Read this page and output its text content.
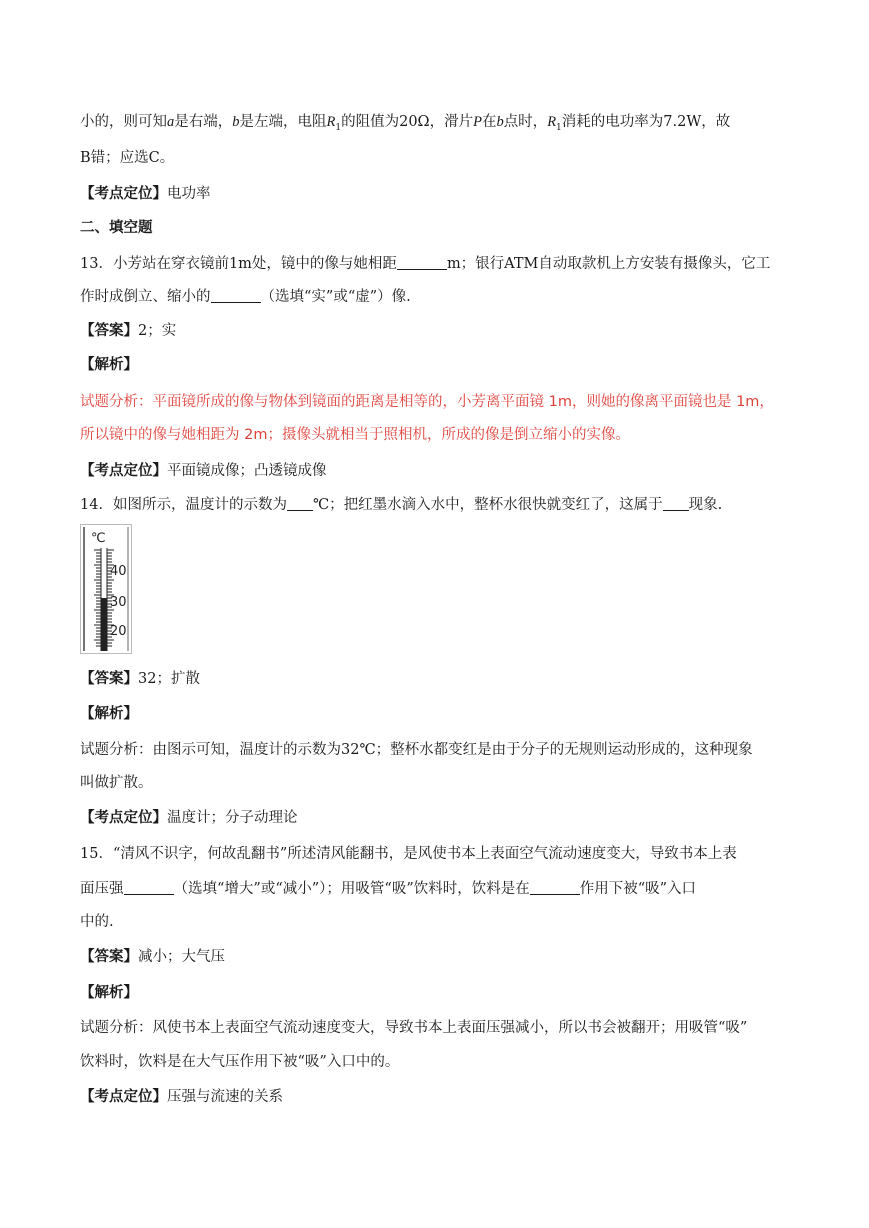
小的，则可知a是右端，b是左端，电阻$R_1$的阻值为20Ω，滑片P在b点时，$R_1$消耗的电功率为7.2W，故
B错；应选C。
【考点定位】电功率
二、填空题
13．小芳站在穿衣镜前1m处，镜中的像与她相距	m；银行ATM自动取款机上方安装有摄像头，它工
作时成倒立、缩小的	（选填“实”或“虚”）像.
【答案】2；实
【解析】
试题分析：平面镜所成的像与物体到镜面的距离是相等的，小芳离平面镜 1m，则她的像离平面镜也是 1m，
所以镜中的像与她相距为 2m；摄像头就相当于照相机，所成的像是倒立缩小的实像。
【考点定位】平面镜成像；凸透镜成像
14．如图所示，温度计的示数为 ℃；把红墨水滴入水中，整杯水很快就变红了，这属于 现象.
℃
40
30
20
【答案】32；扩散
【解析】
试题分析：由图示可知，温度计的示数为32℃；整杯水都变红是由于分子的无规则运动形成的，这种现象
叫做扩散。
【考点定位】温度计；分子动理论
15．“清风不识字，何故乱翻书”所述清风能翻书，是风使书本上表面空气流动速度变大，导致书本上表
面压强	（选填“增大”或“减小”）；用吸管“吸”饮料时，饮料是在	作用下被“吸”入口
中的.
【答案】减小；大气压
【解析】
试题分析：风使书本上表面空气流动速度变大，导致书本上表面压强减小，所以书会被翻开；用吸管“吸”
饮料时，饮料是在大气压作用下被“吸”入口中的。
【考点定位】压强与流速的关系
